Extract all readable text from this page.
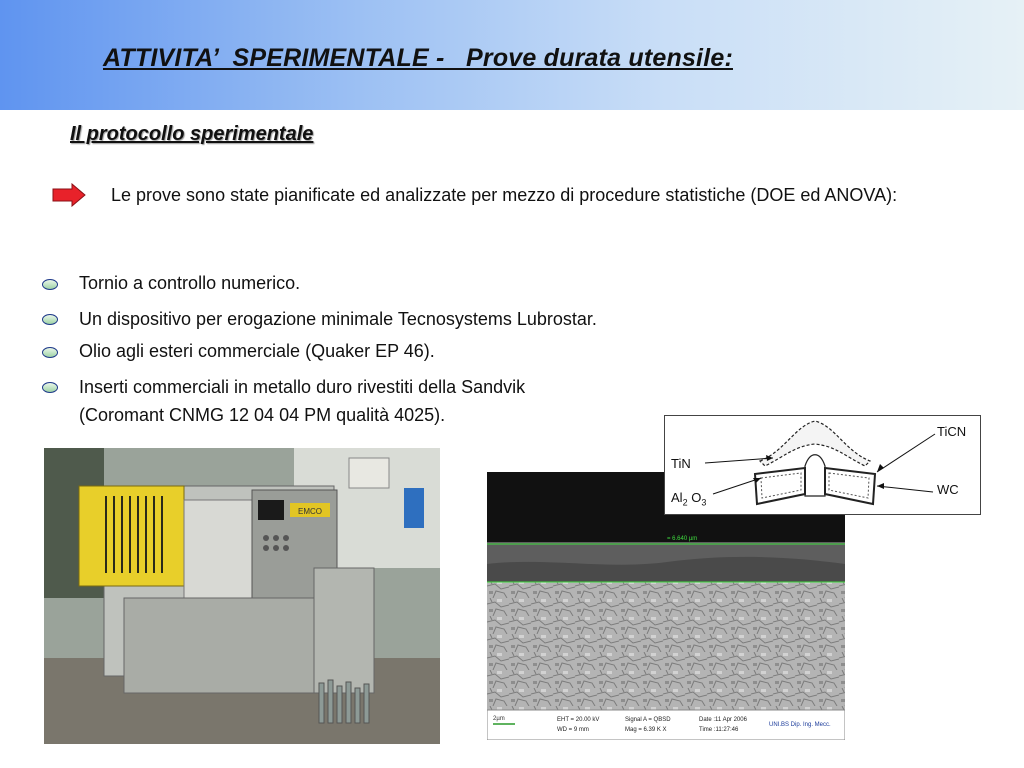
ATTIVITA’  SPERIMENTALE -   Prove durata utensile:
Il protocollo sperimentale
Le prove sono state pianificate ed analizzate per mezzo di procedure statistiche (DOE ed ANOVA):
Tornio a controllo numerico.
Un dispositivo per erogazione minimale Tecnosystems Lubrostar.
Olio agli esteri commerciale (Quaker EP 46).
Inserti commerciali in metallo duro rivestiti della Sandvik
(Coromant CNMG 12 04 04 PM qualità 4025).
EMCO
= 6.640 µm
2µm	EHT = 20.00 kV
WD = 9 mm
Signal A = QBSD
Mag = 6.39 K X
Date :11 Apr 2006
Time :11:27:46
UNI.BS Dip. Ing. Mecc.
TiCN
TiN
$Al_2$ $O_3$
WC
